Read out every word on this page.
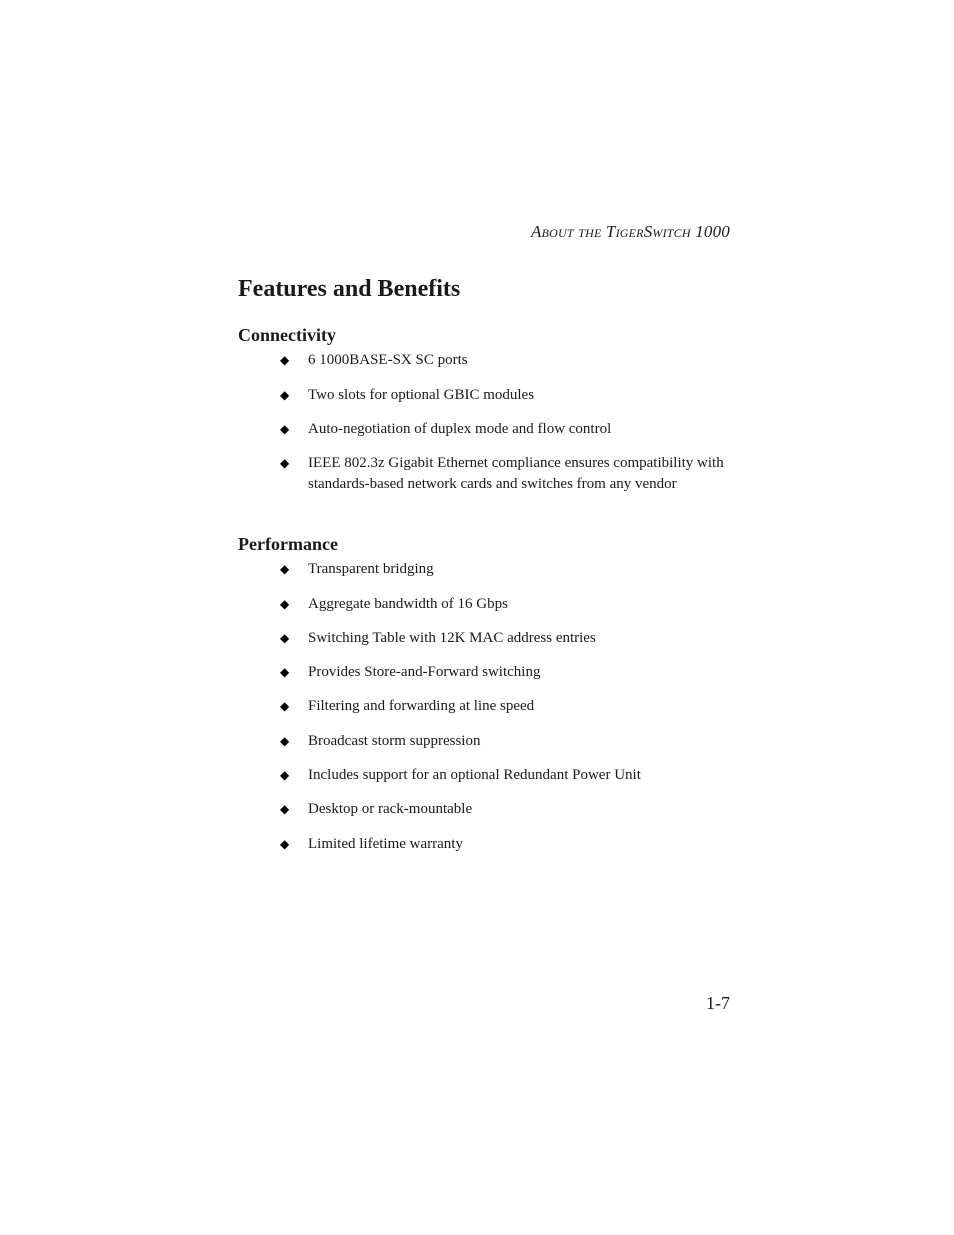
About the TigerSwitch 1000
Features and Benefits
Connectivity
◆	6 1000BASE-SX SC ports
◆	Two slots for optional GBIC modules
◆	Auto-negotiation of duplex mode and flow control
◆	IEEE 802.3z Gigabit Ethernet compliance ensures compatibility with standards-based network cards and switches from any vendor
Performance
◆	Transparent bridging
◆	Aggregate bandwidth of 16 Gbps
◆	Switching Table with 12K MAC address entries
◆	Provides Store-and-Forward switching
◆	Filtering and forwarding at line speed
◆	Broadcast storm suppression
◆	Includes support for an optional Redundant Power Unit
◆	Desktop or rack-mountable
◆	Limited lifetime warranty
1-7
